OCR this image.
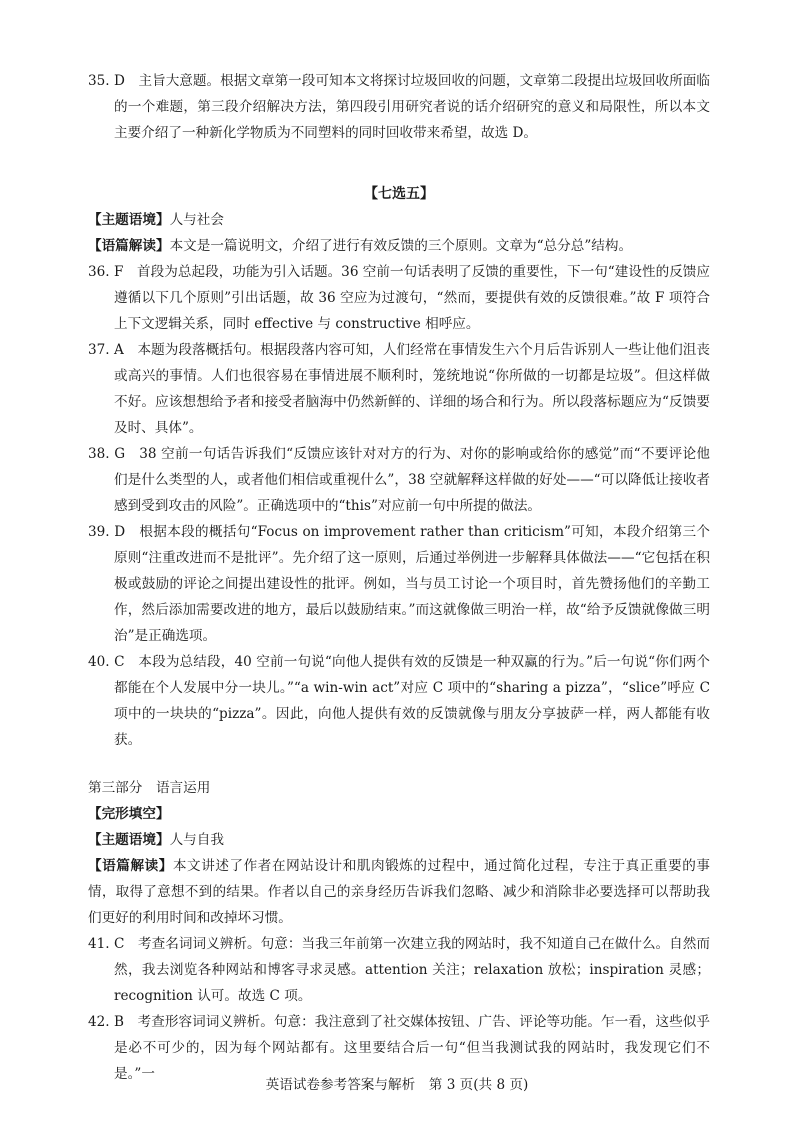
35. D　 主旨大意题。根据文章第一段可知本文将探讨垃圾回收的问题，文章第二段提出垃圾回收所面临的一个难题，第三段介绍解决方法，第四段引用研究者说的话介绍研究的意义和局限性，所以本文主要介绍了一种新化学物质为不同塑料的同时回收带来希望，故选 D。

【七选五】

【主题语境】人与社会

【语篇解读】本文是一篇说明文，介绍了进行有效反馈的三个原则。文章为“总分总”结构。

36. F　 首段为总起段，功能为引入话题。36 空前一句话表明了反馈的重要性，下一句“建设性的反馈应遵循以下几个原则”引出话题，故 36 空应为过渡句，“然而，要提供有效的反馈很难。”故 F 项符合上下文逻辑关系，同时 effective 与 constructive 相呼应。

37. A　 本题为段落概括句。根据段落内容可知，人们经常在事情发生六个月后告诉别人一些让他们沮丧或高兴的事情。人们也很容易在事情进展不顺利时，笼统地说“你所做的一切都是垃圾”。但这样做不好。应该想想给予者和接受者脑海中仍然新鲜的、详细的场合和行为。所以段落标题应为“反馈要及时、具体”。

38. G　 38 空前一句话告诉我们“反馈应该针对对方的行为、对你的影响或给你的感觉”而“不要评论他们是什么类型的人，或者他们相信或重视什么”，38 空就解释这样做的好处——“可以降低让接收者感到受到攻击的风险”。正确选项中的“this”对应前一句中所提的做法。

39. D　 根据本段的概括句“Focus on improvement rather than criticism”可知，本段介绍第三个原则“注重改进而不是批评”。先介绍了这一原则，后通过举例进一步解释具体做法——“它包括在积极或鼓励的评论之间提出建设性的批评。例如，当与员工讨论一个项目时，首先赞扬他们的辛勤工作，然后添加需要改进的地方，最后以鼓励结束。”而这就像做三明治一样，故“给予反馈就像做三明治”是正确选项。

40. C　 本段为总结段，40 空前一句说“向他人提供有效的反馈是一种双赢的行为。”后一句说“你们两个都能在个人发展中分一块儿。”“a win-win act”对应 C 项中的“sharing a pizza”，“slice”呼应 C 项中的一块块的“pizza”。因此，向他人提供有效的反馈就像与朋友分享披萨一样，两人都能有收获。

第三部分　语言运用

【完形填空】

【主题语境】人与自我

【语篇解读】本文讲述了作者在网站设计和肌肉锻炼的过程中，通过简化过程，专注于真正重要的事情，取得了意想不到的结果。作者以自己的亲身经历告诉我们忽略、减少和消除非必要选择可以帮助我们更好的利用时间和改掉坏习惯。

41. C　 考查名词词义辨析。句意：当我三年前第一次建立我的网站时，我不知道自己在做什么。自然而然，我去浏览各种网站和博客寻求灵感。attention 关注；relaxation 放松；inspiration 灵感；recognition 认可。故选 C 项。

42. B　 考查形容词词义辨析。句意：我注意到了社交媒体按钮、广告、评论等功能。乍一看，这些似乎是必不可少的，因为每个网站都有。这里要结合后一句“但当我测试我的网站时，我发现它们不是。”一

英语试卷参考答案与解析　第 3 页(共 8 页)
